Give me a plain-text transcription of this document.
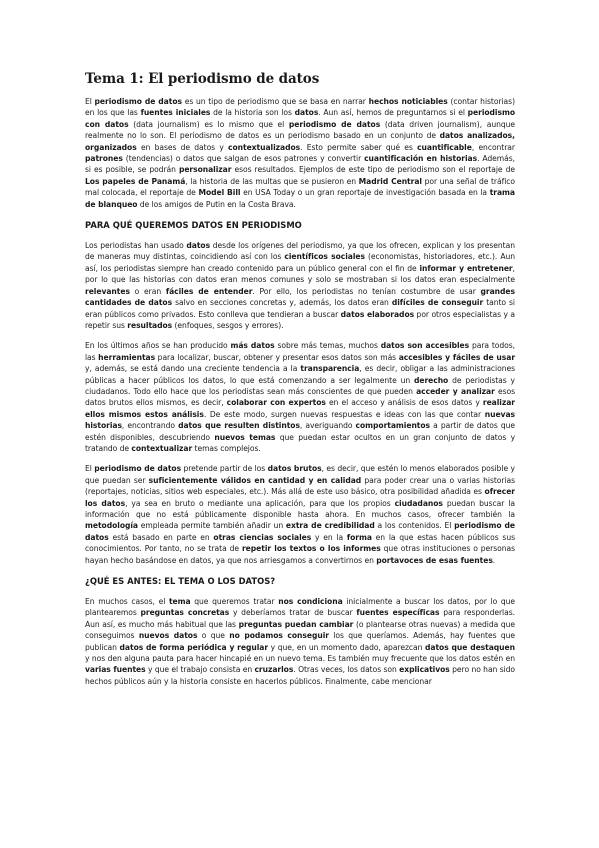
Tema 1: El periodismo de datos

El periodismo de datos es un tipo de periodismo que se basa en narrar hechos noticiables (contar historias) en los que las fuentes iniciales de la historia son los datos. Aun así, hemos de preguntarnos si el periodismo con datos (data journalism) es lo mismo que el periodismo de datos (data driven journalism), aunque realmente no lo son. El periodismo de datos es un periodismo basado en un conjunto de datos analizados, organizados en bases de datos y contextualizados. Esto permite saber qué es cuantificable, encontrar patrones (tendencias) o datos que salgan de esos patrones y convertir cuantificación en historias. Además, si es posible, se podrán personalizar esos resultados. Ejemplos de este tipo de periodismo son el reportaje de Los papeles de Panamá, la historia de las multas que se pusieron en Madrid Central por una señal de tráfico mal colocada, el reportaje de Model Bill en USA Today o un gran reportaje de investigación basada en la trama de blanqueo de los amigos de Putin en la Costa Brava.

PARA QUÉ QUEREMOS DATOS EN PERIODISMO

Los periodistas han usado datos desde los orígenes del periodismo, ya que los ofrecen, explican y los presentan de maneras muy distintas, coincidiendo así con los científicos sociales (economistas, historiadores, etc.). Aun así, los periodistas siempre han creado contenido para un público general con el fin de informar y entretener, por lo que las historias con datos eran menos comunes y solo se mostraban si los datos eran especialmente relevantes o eran fáciles de entender. Por ello, los periodistas no tenían costumbre de usar grandes cantidades de datos salvo en secciones concretas y, además, los datos eran difíciles de conseguir tanto si eran públicos como privados. Esto conlleva que tendieran a buscar datos elaborados por otros especialistas y a repetir sus resultados (enfoques, sesgos y errores).

En los últimos años se han producido más datos sobre más temas, muchos datos son accesibles para todos, las herramientas para localizar, buscar, obtener y presentar esos datos son más accesibles y fáciles de usar y, además, se está dando una creciente tendencia a la transparencia, es decir, obligar a las administraciones públicas a hacer públicos los datos, lo que está comenzando a ser legalmente un derecho de periodistas y ciudadanos. Todo ello hace que los periodistas sean más conscientes de que pueden acceder y analizar esos datos brutos ellos mismos, es decir, colaborar con expertos en el acceso y análisis de esos datos y realizar ellos mismos estos análisis. De este modo, surgen nuevas respuestas e ideas con las que contar nuevas historias, encontrando datos que resulten distintos, averiguando comportamientos a partir de datos que estén disponibles, descubriendo nuevos temas que puedan estar ocultos en un gran conjunto de datos y tratando de contextualizar temas complejos.

El periodismo de datos pretende partir de los datos brutos, es decir, que estén lo menos elaborados posible y que puedan ser suficientemente válidos en cantidad y en calidad para poder crear una o varias historias (reportajes, noticias, sitios web especiales, etc.). Más allá de este uso básico, otra posibilidad añadida es ofrecer los datos, ya sea en bruto o mediante una aplicación, para que los propios ciudadanos puedan buscar la información que no está públicamente disponible hasta ahora. En muchos casos, ofrecer también la metodología empleada permite también añadir un extra de credibilidad a los contenidos. El periodismo de datos está basado en parte en otras ciencias sociales y en la forma en la que estas hacen públicos sus conocimientos. Por tanto, no se trata de repetir los textos o los informes que otras instituciones o personas hayan hecho basándose en datos, ya que nos arriesgamos a convertirnos en portavoces de esas fuentes.

¿QUÉ ES ANTES: EL TEMA O LOS DATOS?

En muchos casos, el tema que queremos tratar nos condiciona inicialmente a buscar los datos, por lo que plantearemos preguntas concretas y deberíamos tratar de buscar fuentes específicas para responderlas. Aun así, es mucho más habitual que las preguntas puedan cambiar (o plantearse otras nuevas) a medida que conseguimos nuevos datos o que no podamos conseguir los que queríamos. Además, hay fuentes que publican datos de forma periódica y regular y que, en un momento dado, aparezcan datos que destaquen y nos den alguna pauta para hacer hincapié en un nuevo tema. Es también muy frecuente que los datos estén en varias fuentes y que el trabajo consista en cruzarlos. Otras veces, los datos son explicativos pero no han sido hechos públicos aún y la historia consiste en hacerlos públicos. Finalmente, cabe mencionar
